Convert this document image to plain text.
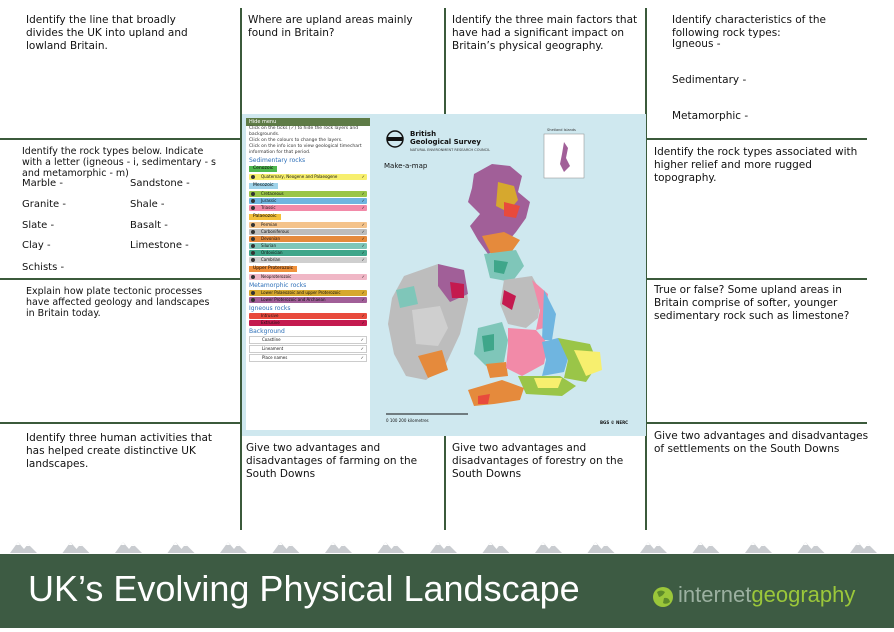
Identify the line that broadly divides the UK into upland and lowland Britain.
Where are upland areas mainly found in Britain?
Identify the three main factors that have had a significant impact on Britain’s physical geography.
Identify characteristics of the following rock types:
Igneous -
Sedimentary -
Metamorphic -
Identify the rock types below. Indicate with a letter (igneous - i, sedimentary - s and metamorphic - m)
Marble -	Sandstone -
Granite -	Shale -
Slate -	Basalt -
Clay -	Limestone -
Schists -
Identify the rock types associated with higher relief and more rugged topography.
Explain how plate tectonic processes have affected geology and landscapes in Britain today.
True or false? Some upland areas in Britain comprise of softer, younger sedimentary rock such as limestone?
Identify three human activities that has helped create distinctive UK landscapes.
Give two advantages and disadvantages of farming on the South Downs
Give two advantages and disadvantages of forestry on the South Downs
Give two advantages and disadvantages of settlements on the South Downs
Hide menu
Click on the ticks (✓) to hide the rock layers and backgrounds.
Click on the colours to change the layers.
Click on the info icon to view geological timechart information for that period.
Sedimentary rocks
Cenozoic
Quaternary, Neogene and Palaeogene	✓
Mesozoic
Cretaceous	✓
Jurassic	✓
Triassic	✓
Palaeozoic
Permian	✓
Carboniferous	✓
Devonian	✓
Silurian	✓
Ordovician	✓
Cambrian	✓
Upper Proterozoic
Neoproterozoic	✓
Metamorphic rocks
Lower Palaeozoic and upper Proterozoic	✓
Lower Proterozoic and Archaean	✓
Igneous rocks
Intrusive	✓
Extrusive	✓
Background
Coastline	✓
Lineament	✓
Place names	✓
British
Geological Survey
NATURAL ENVIRONMENT RESEARCH COUNCIL
Make-a-map
Shetland Islands
0 100 200 kilometres	BGS © NERC
UK’s Evolving Physical Landscape	internetgeography
